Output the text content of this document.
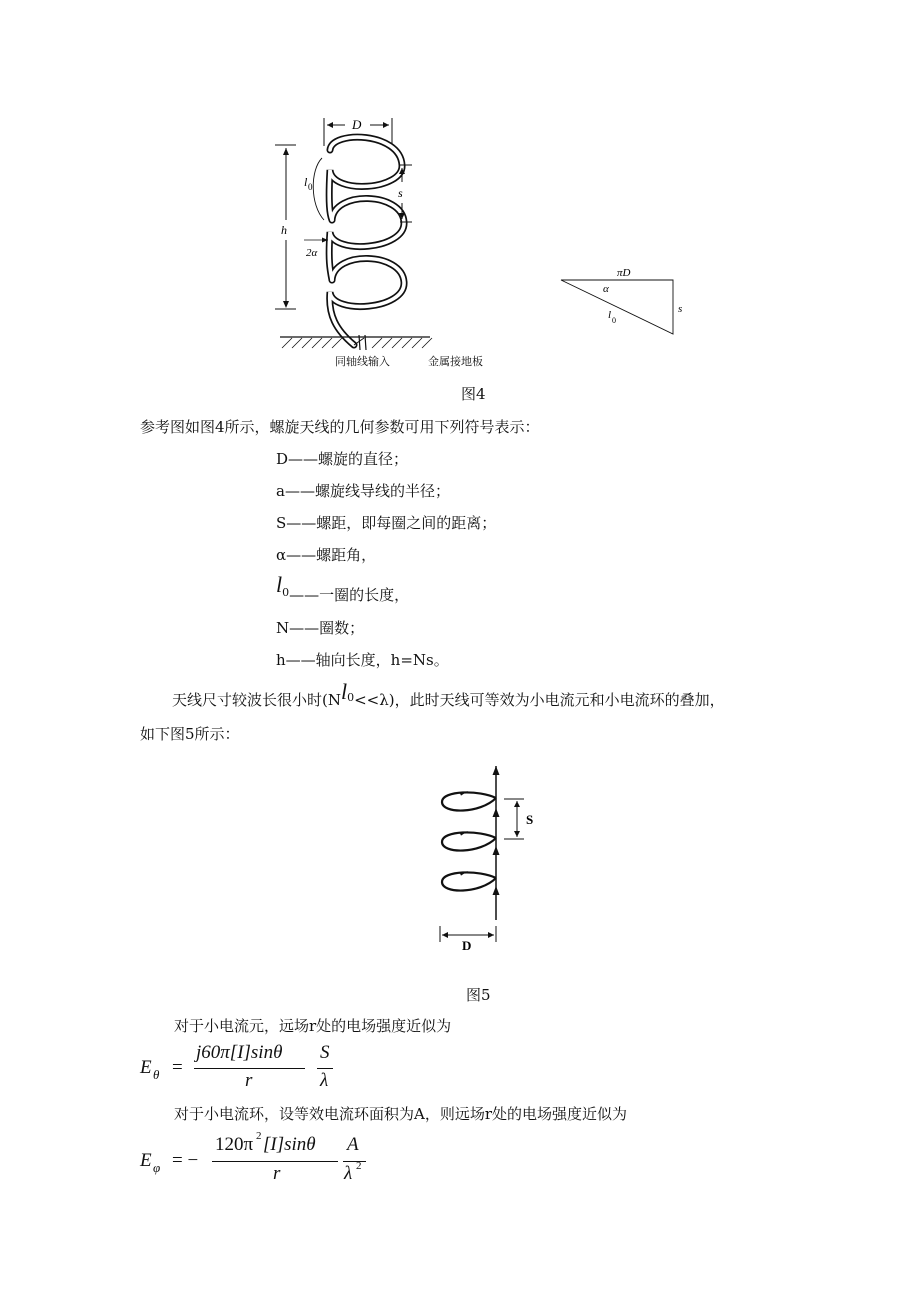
D
s
l 0
h
2α
同轴线输入	金属接地板
πD
α
s
l 0
图4
参考图如图4所示，螺旋天线的几何参数可用下列符号表示：
D——螺旋的直径；
a——螺旋线导线的半径；
S——螺距，即每圈之间的距离；
α——螺距角，
l0——一圈的长度，
N——圈数；
h——轴向长度，h=Ns。
天线尺寸较波长很小时(Nl0<<λ)，此时天线可等效为小电流元和小电流环的叠加，
如下图5所示：
S
D
图5
对于小电流元，远场r处的电场强度近似为
E θ =
j60π[I]sinθ
r
S
λ
对于小电流环，设等效电流环面积为A，则远场r处的电场强度近似为
E φ = −
120π 2 [I]sinθ
r
A
λ 2
